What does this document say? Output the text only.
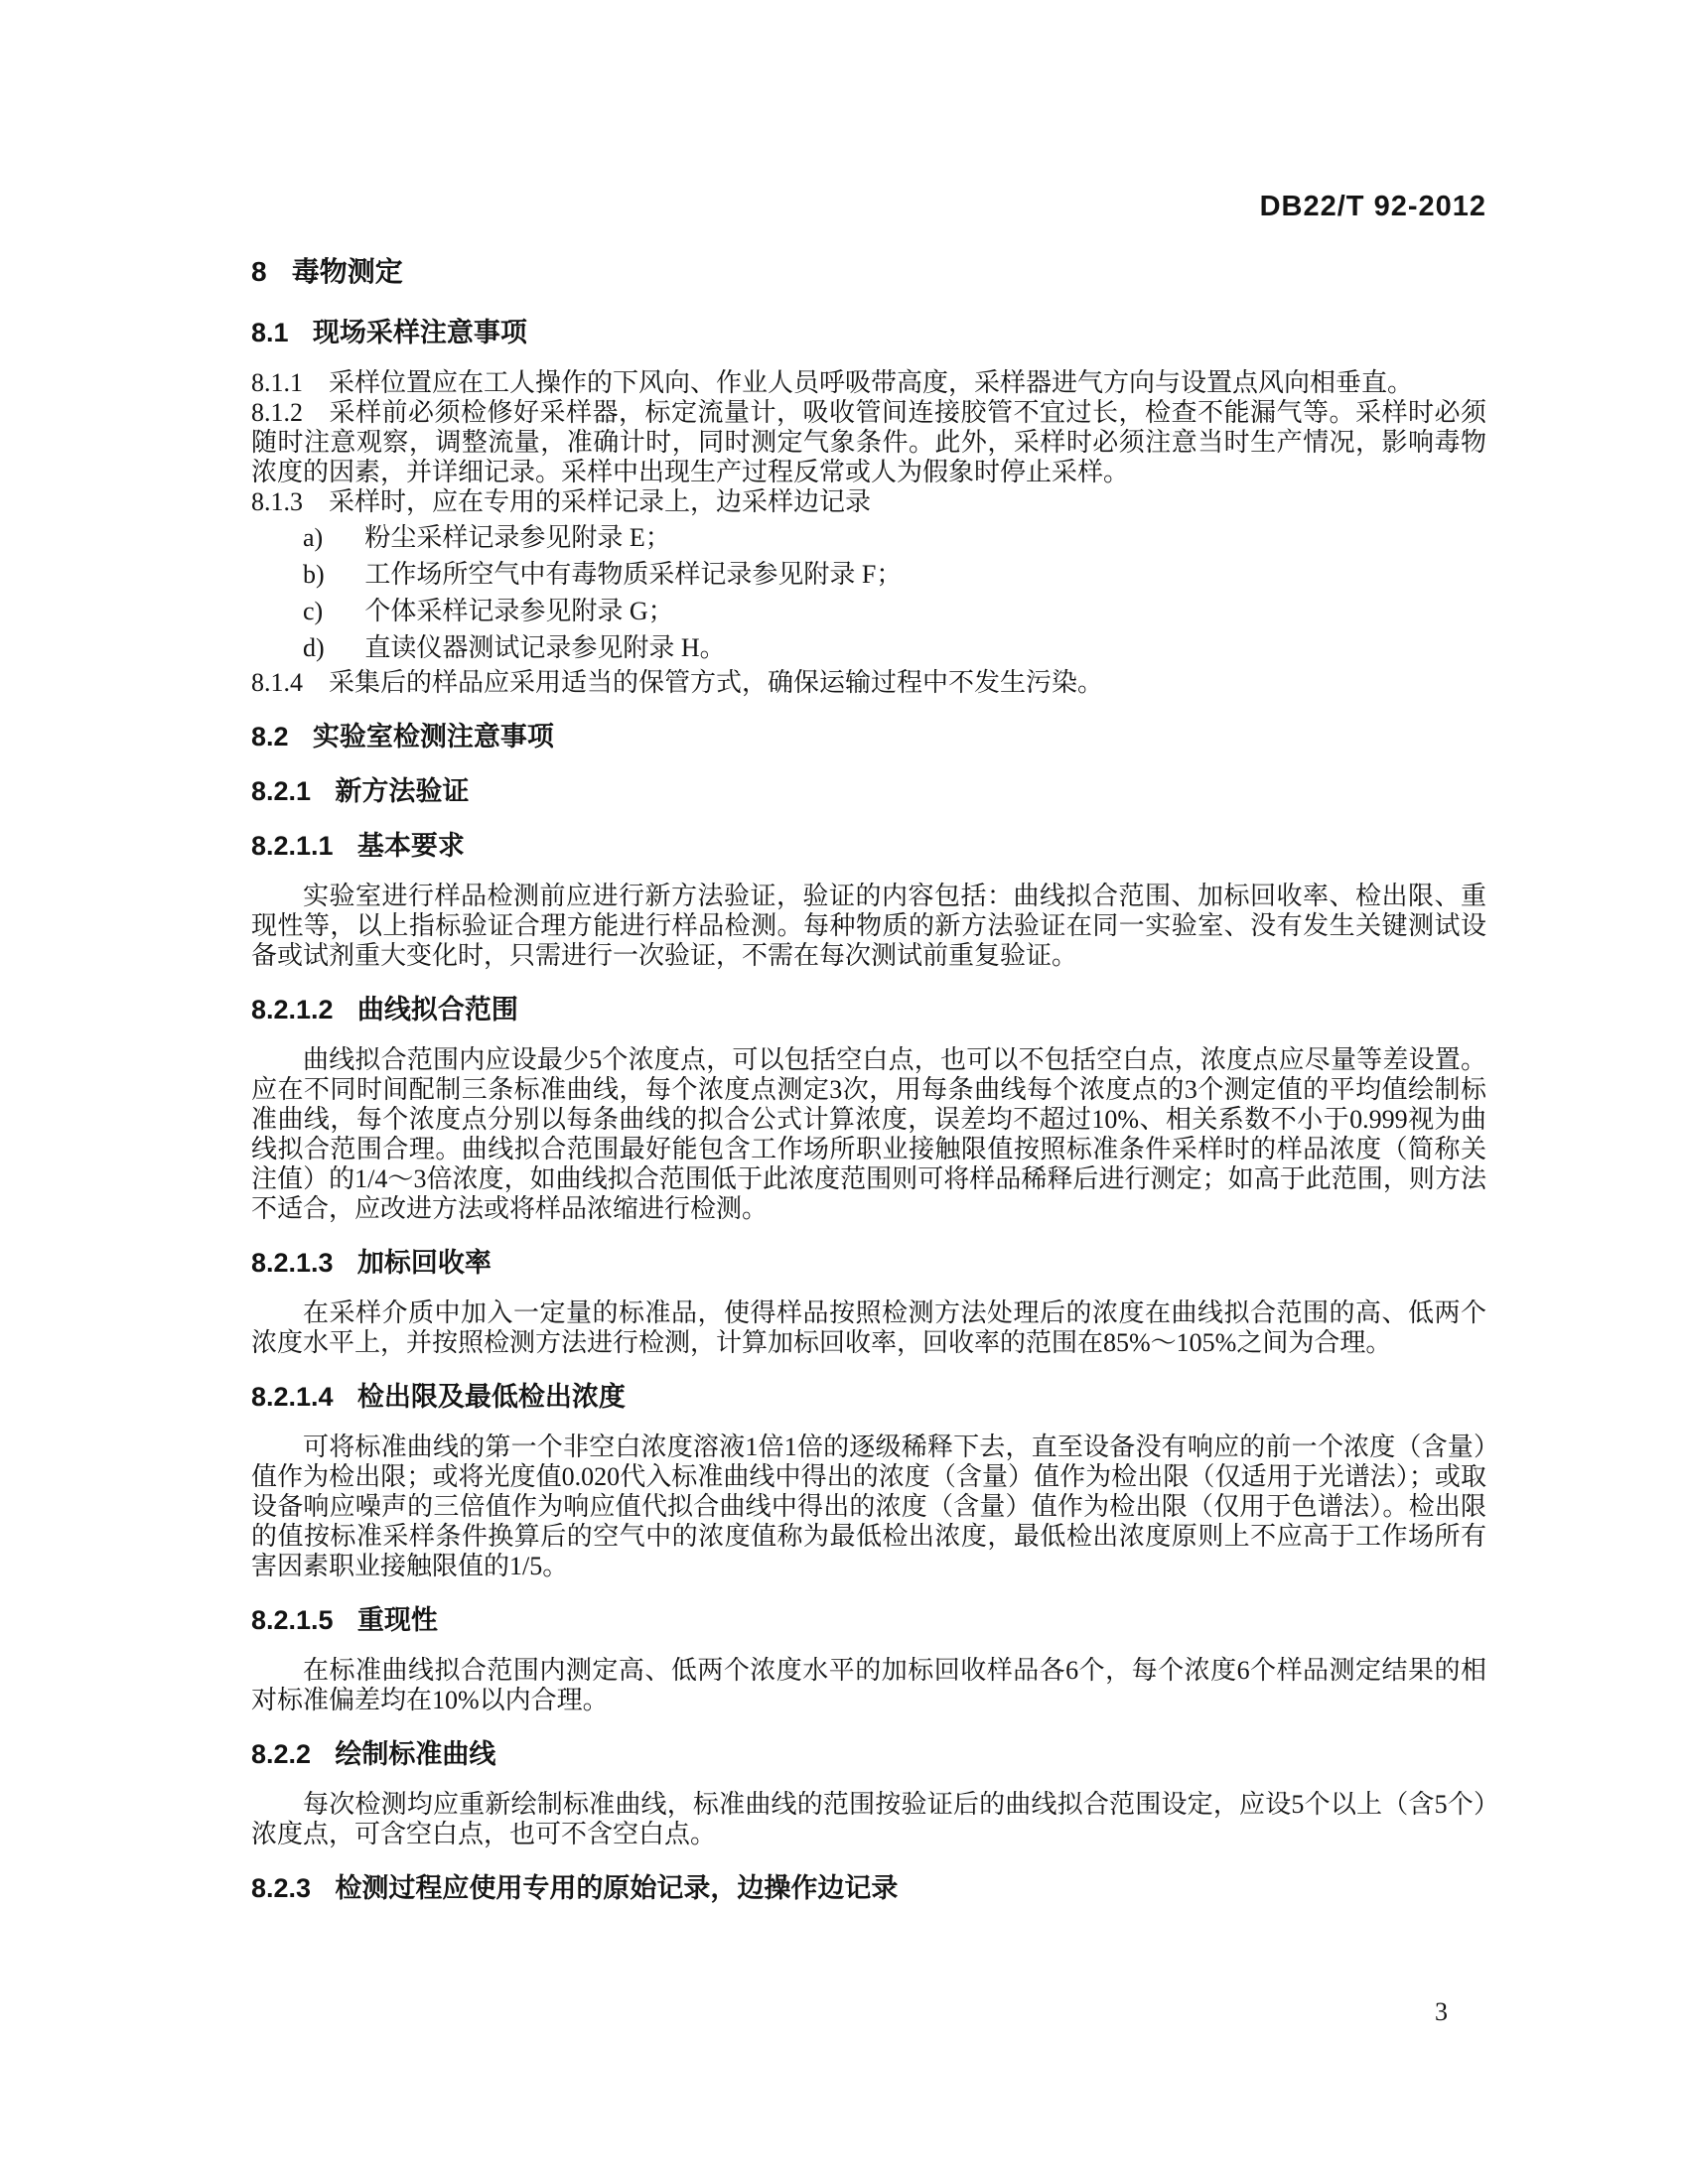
DB22/T 92-2012
8 毒物测定
8.1 现场采样注意事项

8.1.1 采样位置应在工人操作的下风向、作业人员呼吸带高度，采样器进气方向与设置点风向相垂直。

8.1.2 采样前必须检修好采样器，标定流量计，吸收管间连接胶管不宜过长，检查不能漏气等。采样时必须随时注意观察，调整流量，准确计时，同时测定气象条件。此外，采样时必须注意当时生产情况，影响毒物浓度的因素，并详细记录。采样中出现生产过程反常或人为假象时停止采样。

8.1.3 采样时，应在专用的采样记录上，边采样边记录

a) 粉尘采样记录参见附录 E；
b) 工作场所空气中有毒物质采样记录参见附录 F；
c) 个体采样记录参见附录 G；
d) 直读仪器测试记录参见附录 H。

8.1.4 采集后的样品应采用适当的保管方式，确保运输过程中不发生污染。

8.2 实验室检测注意事项
8.2.1 新方法验证
8.2.1.1 基本要求

实验室进行样品检测前应进行新方法验证，验证的内容包括：曲线拟合范围、加标回收率、检出限、重现性等，以上指标验证合理方能进行样品检测。每种物质的新方法验证在同一实验室、没有发生关键测试设备或试剂重大变化时，只需进行一次验证，不需在每次测试前重复验证。

8.2.1.2 曲线拟合范围

曲线拟合范围内应设最少5个浓度点，可以包括空白点，也可以不包括空白点，浓度点应尽量等差设置。应在不同时间配制三条标准曲线，每个浓度点测定3次，用每条曲线每个浓度点的3个测定值的平均值绘制标准曲线，每个浓度点分别以每条曲线的拟合公式计算浓度，误差均不超过10%、相关系数不小于0.999视为曲线拟合范围合理。曲线拟合范围最好能包含工作场所职业接触限值按照标准条件采样时的样品浓度（简称关注值）的1/4～3倍浓度，如曲线拟合范围低于此浓度范围则可将样品稀释后进行测定；如高于此范围，则方法不适合，应改进方法或将样品浓缩进行检测。

8.2.1.3 加标回收率

在采样介质中加入一定量的标准品，使得样品按照检测方法处理后的浓度在曲线拟合范围的高、低两个浓度水平上，并按照检测方法进行检测，计算加标回收率，回收率的范围在85%～105%之间为合理。

8.2.1.4 检出限及最低检出浓度

可将标准曲线的第一个非空白浓度溶液1倍1倍的逐级稀释下去，直至设备没有响应的前一个浓度（含量）值作为检出限；或将光度值0.020代入标准曲线中得出的浓度（含量）值作为检出限（仅适用于光谱法）；或取设备响应噪声的三倍值作为响应值代拟合曲线中得出的浓度（含量）值作为检出限（仅用于色谱法）。检出限的值按标准采样条件换算后的空气中的浓度值称为最低检出浓度，最低检出浓度原则上不应高于工作场所有害因素职业接触限值的1/5。

8.2.1.5 重现性

在标准曲线拟合范围内测定高、低两个浓度水平的加标回收样品各6个，每个浓度6个样品测定结果的相对标准偏差均在10%以内合理。

8.2.2 绘制标准曲线

每次检测均应重新绘制标准曲线，标准曲线的范围按验证后的曲线拟合范围设定，应设5个以上（含5个）浓度点，可含空白点，也可不含空白点。

8.2.3 检测过程应使用专用的原始记录，边操作边记录
3
